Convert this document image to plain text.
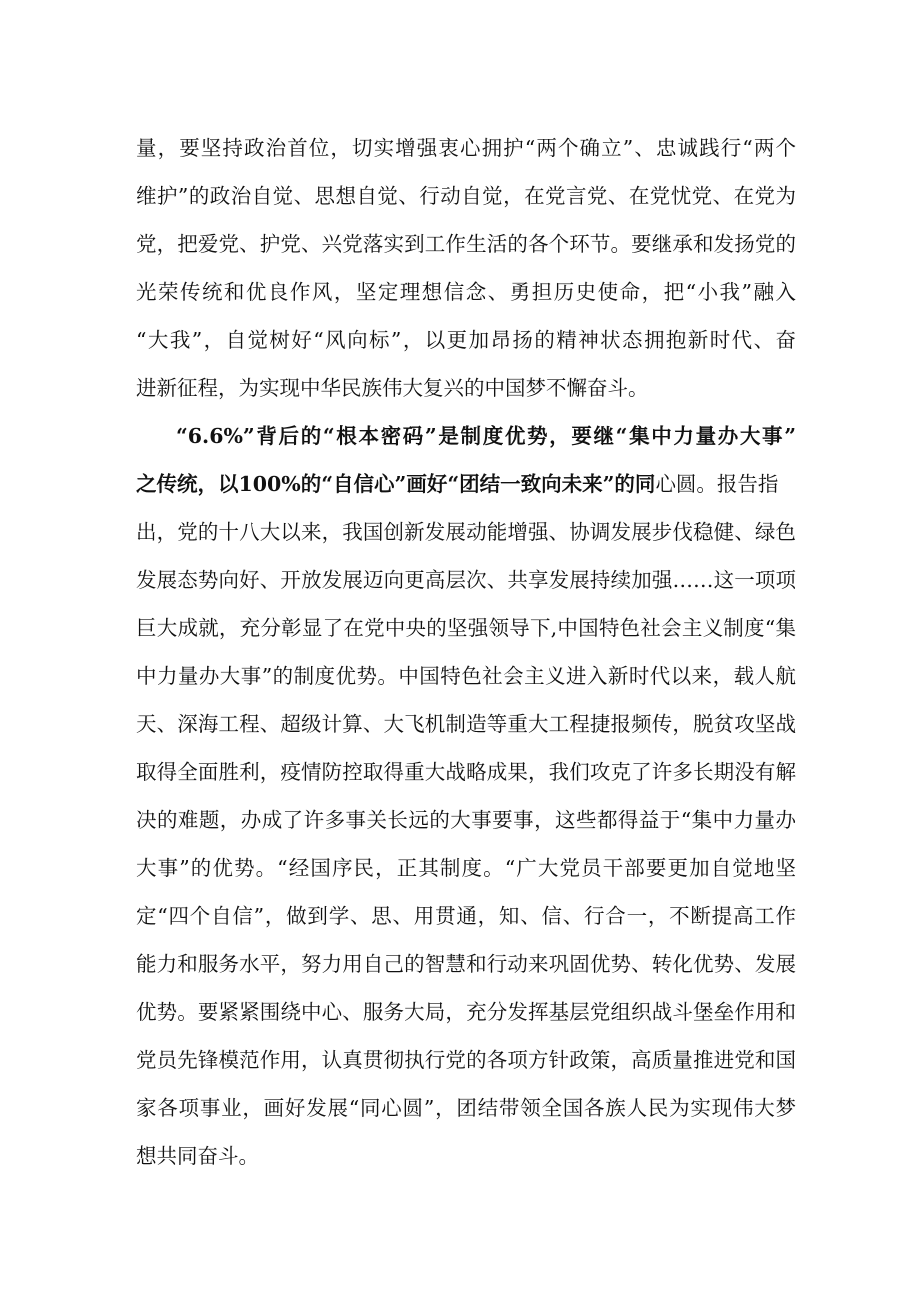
量，要坚持政治首位，切实增强衷心拥护“两个确立”、忠诚践行“两个
维护”的政治自觉、思想自觉、行动自觉，在党言党、在党忧党、在党为
党，把爱党、护党、兴党落实到工作生活的各个环节。要继承和发扬党的
光荣传统和优良作风，坚定理想信念、勇担历史使命，把“小我”融入
“大我”，自觉树好“风向标”，以更加昂扬的精神状态拥抱新时代、奋
进新征程，为实现中华民族伟大复兴的中国梦不懈奋斗。
“6.6%”背后的“根本密码”是制度优势，要继“集中力量办大事”
之传统，以100%的“自信心”画好“团结一致向未来”的同心圆。报告指
出，党的十八大以来，我国创新发展动能增强、协调发展步伐稳健、绿色
发展态势向好、开放发展迈向更高层次、共享发展持续加强……这一项项
巨大成就，充分彰显了在党中央的坚强领导下,中国特色社会主义制度“集
中力量办大事”的制度优势。中国特色社会主义进入新时代以来，载人航
天、深海工程、超级计算、大飞机制造等重大工程捷报频传，脱贫攻坚战
取得全面胜利，疫情防控取得重大战略成果，我们攻克了许多长期没有解
决的难题，办成了许多事关长远的大事要事，这些都得益于“集中力量办
大事”的优势。“经国序民，正其制度。“广大党员干部要更加自觉地坚
定“四个自信”，做到学、思、用贯通，知、信、行合一，不断提高工作
能力和服务水平，努力用自己的智慧和行动来巩固优势、转化优势、发展
优势。要紧紧围绕中心、服务大局，充分发挥基层党组织战斗堡垒作用和
党员先锋模范作用，认真贯彻执行党的各项方针政策，高质量推进党和国
家各项事业，画好发展“同心圆”，团结带领全国各族人民为实现伟大梦
想共同奋斗。
